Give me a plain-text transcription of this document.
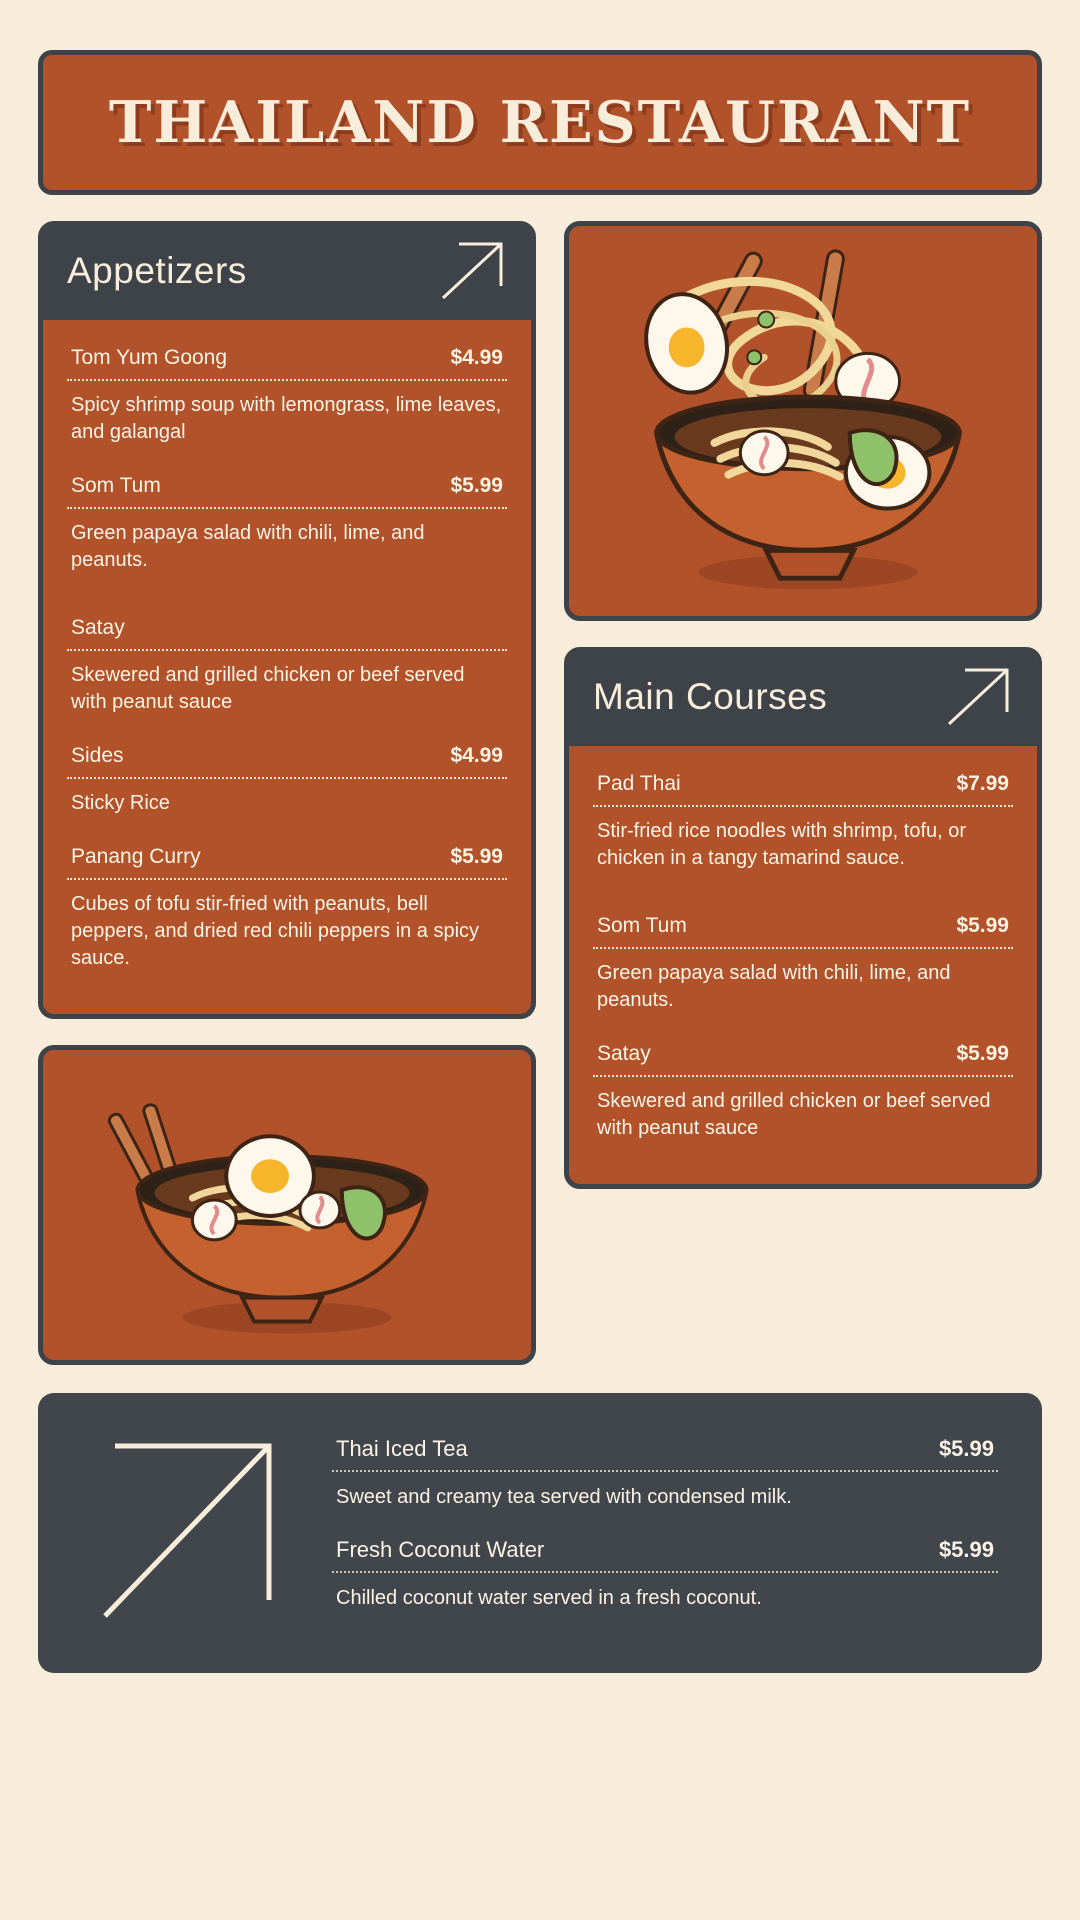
THAILAND RESTAURANT
Appetizers
Tom Yum Goong	$4.99
Spicy shrimp soup with lemongrass, lime leaves, and galangal
Som Tum	$5.99
Green papaya salad with chili, lime, and peanuts.
Satay
Skewered and grilled chicken or beef served with peanut sauce
Sides	$4.99
Sticky Rice
Panang Curry	$5.99
Cubes of tofu stir-fried with peanuts, bell peppers, and dried red chili peppers in a spicy sauce.
Main Courses
Pad Thai	$7.99
Stir-fried rice noodles with shrimp, tofu, or chicken in a tangy tamarind sauce.
Som Tum	$5.99
Green papaya salad with chili, lime, and peanuts.
Satay	$5.99
Skewered and grilled chicken or beef served with peanut sauce
Thai Iced Tea	$5.99
Sweet and creamy tea served with condensed milk.
Fresh Coconut Water	$5.99
Chilled coconut water served in a fresh coconut.
